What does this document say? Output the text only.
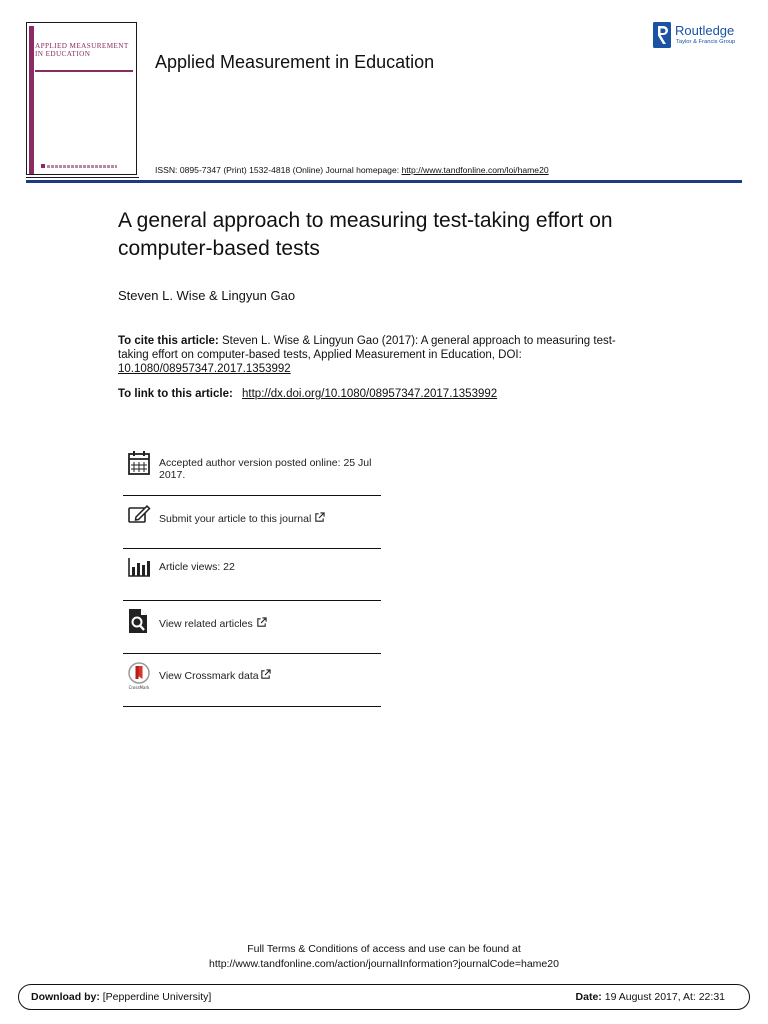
APPLIED MEASUREMENT IN EDUCATION	Applied Measurement in Education
Routledge
Taylor & Francis Group
ISSN: 0895-7347 (Print) 1532-4818 (Online) Journal homepage: http://www.tandfonline.com/loi/hame20
A general approach to measuring test-taking effort on computer-based tests
Steven L. Wise & Lingyun Gao
To cite this article: Steven L. Wise & Lingyun Gao (2017): A general approach to measuring test-taking effort on computer-based tests, Applied Measurement in Education, DOI:
10.1080/08957347.2017.1353992
To link to this article: http://dx.doi.org/10.1080/08957347.2017.1353992
Accepted author version posted online: 25 Jul 2017.
Submit your article to this journal
Article views: 22
View related articles
CrossMark
View Crossmark data
Full Terms & Conditions of access and use can be found at
http://www.tandfonline.com/action/journalInformation?journalCode=hame20
Download by: [Pepperdine University]	Date: 19 August 2017, At: 22:31
